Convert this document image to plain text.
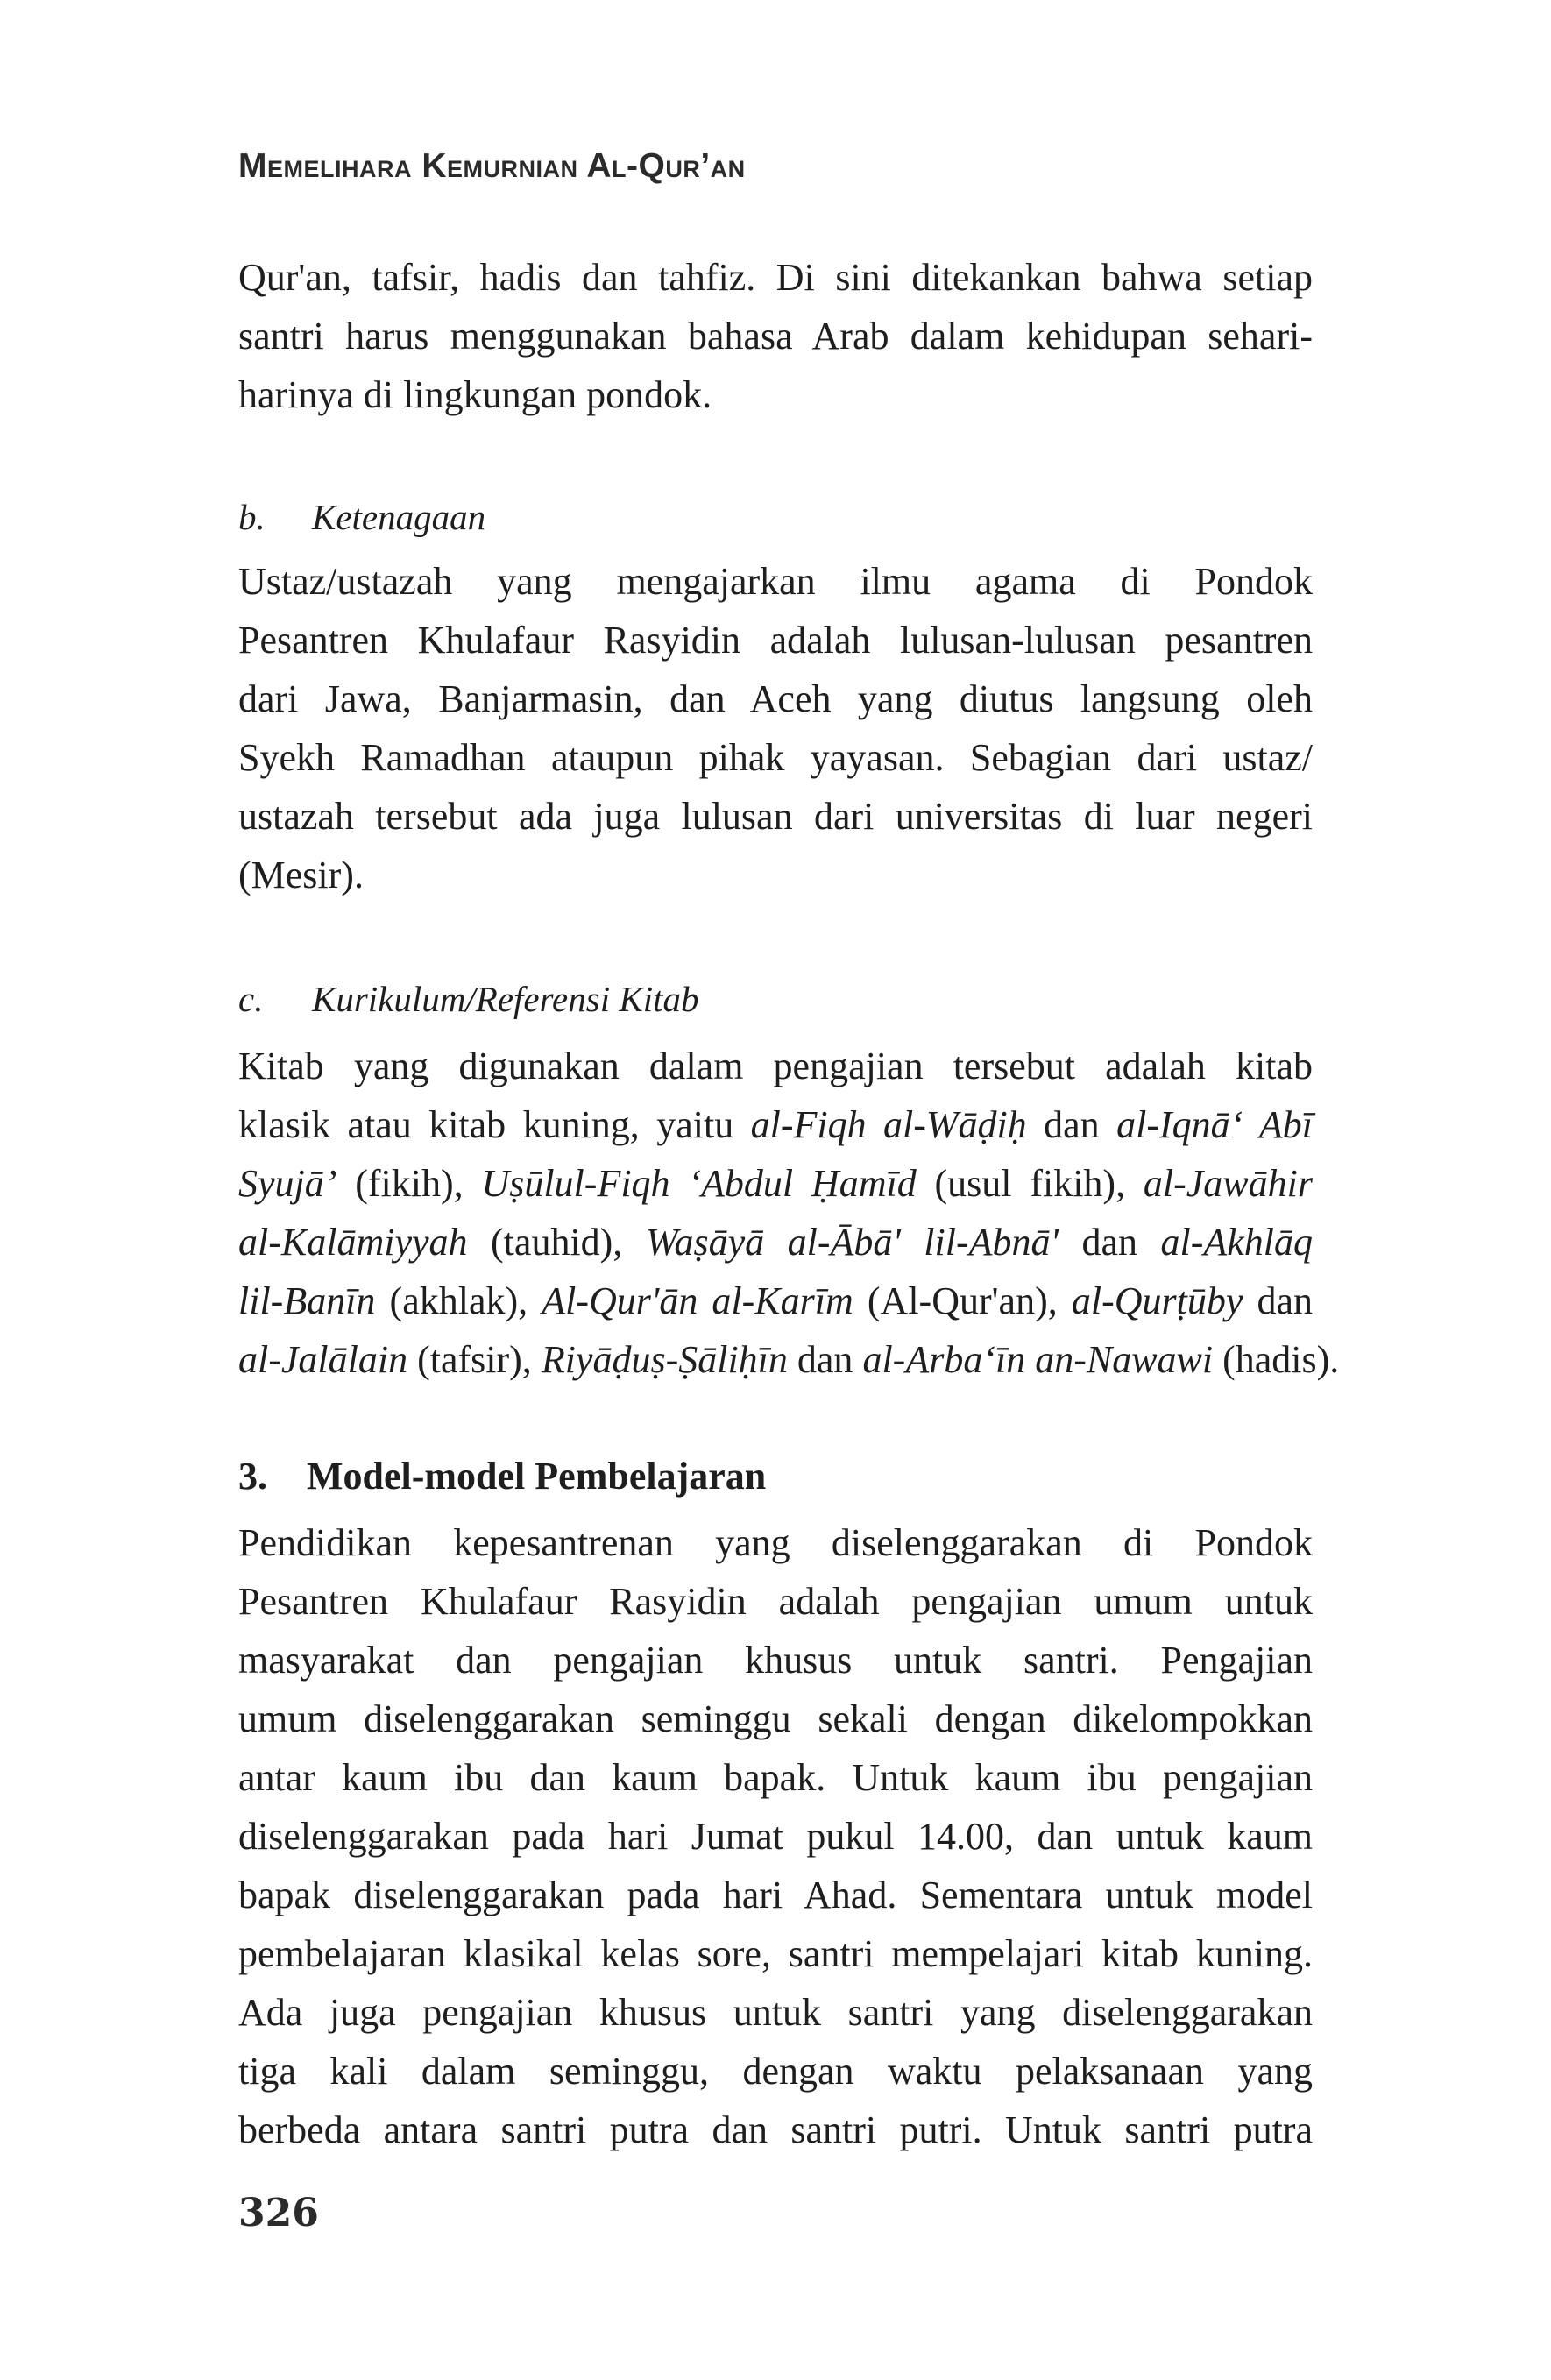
Memelihara Kemurnian Al-Qur’an

Qur'an, tafsir, hadis dan tahfiz. Di sini ditekankan bahwa setiap
santri harus menggunakan bahasa Arab dalam kehidupan sehari-
harinya di lingkungan pondok.

b. Ketenagaan

Ustaz/ustazah yang mengajarkan ilmu agama di Pondok
Pesantren Khulafaur Rasyidin adalah lulusan-lulusan pesantren
dari Jawa, Banjarmasin, dan Aceh yang diutus langsung oleh
Syekh Ramadhan ataupun pihak yayasan. Sebagian dari ustaz/
ustazah tersebut ada juga lulusan dari universitas di luar negeri
(Mesir).

c. Kurikulum/Referensi Kitab

Kitab yang digunakan dalam pengajian tersebut adalah kitab
klasik atau kitab kuning, yaitu al-Fiqh al-Wāḍiḥ dan al-Iqnā‘ Abī
Syujā’ (fikih), Uṣūlul-Fiqh ‘Abdul Ḥamīd (usul fikih), al-Jawāhir
al-Kalāmiyyah (tauhid), Waṣāyā al-Ābā' lil-Abnā' dan al-Akhlāq
lil-Banīn (akhlak), Al-Qur'ān al-Karīm (Al-Qur'an), al-Qurṭūby dan
al-Jalālain (tafsir), Riyāḍuṣ-Ṣāliḥīn dan al-Arba‘īn an-Nawawi (hadis).

3. Model-model Pembelajaran

Pendidikan kepesantrenan yang diselenggarakan di Pondok
Pesantren Khulafaur Rasyidin adalah pengajian umum untuk
masyarakat dan pengajian khusus untuk santri. Pengajian
umum diselenggarakan seminggu sekali dengan dikelompokkan
antar kaum ibu dan kaum bapak. Untuk kaum ibu pengajian
diselenggarakan pada hari Jumat pukul 14.00, dan untuk kaum
bapak diselenggarakan pada hari Ahad. Sementara untuk model
pembelajaran klasikal kelas sore, santri mempelajari kitab kuning.
Ada juga pengajian khusus untuk santri yang diselenggarakan
tiga kali dalam seminggu, dengan waktu pelaksanaan yang
berbeda antara santri putra dan santri putri. Untuk santri putra

326
